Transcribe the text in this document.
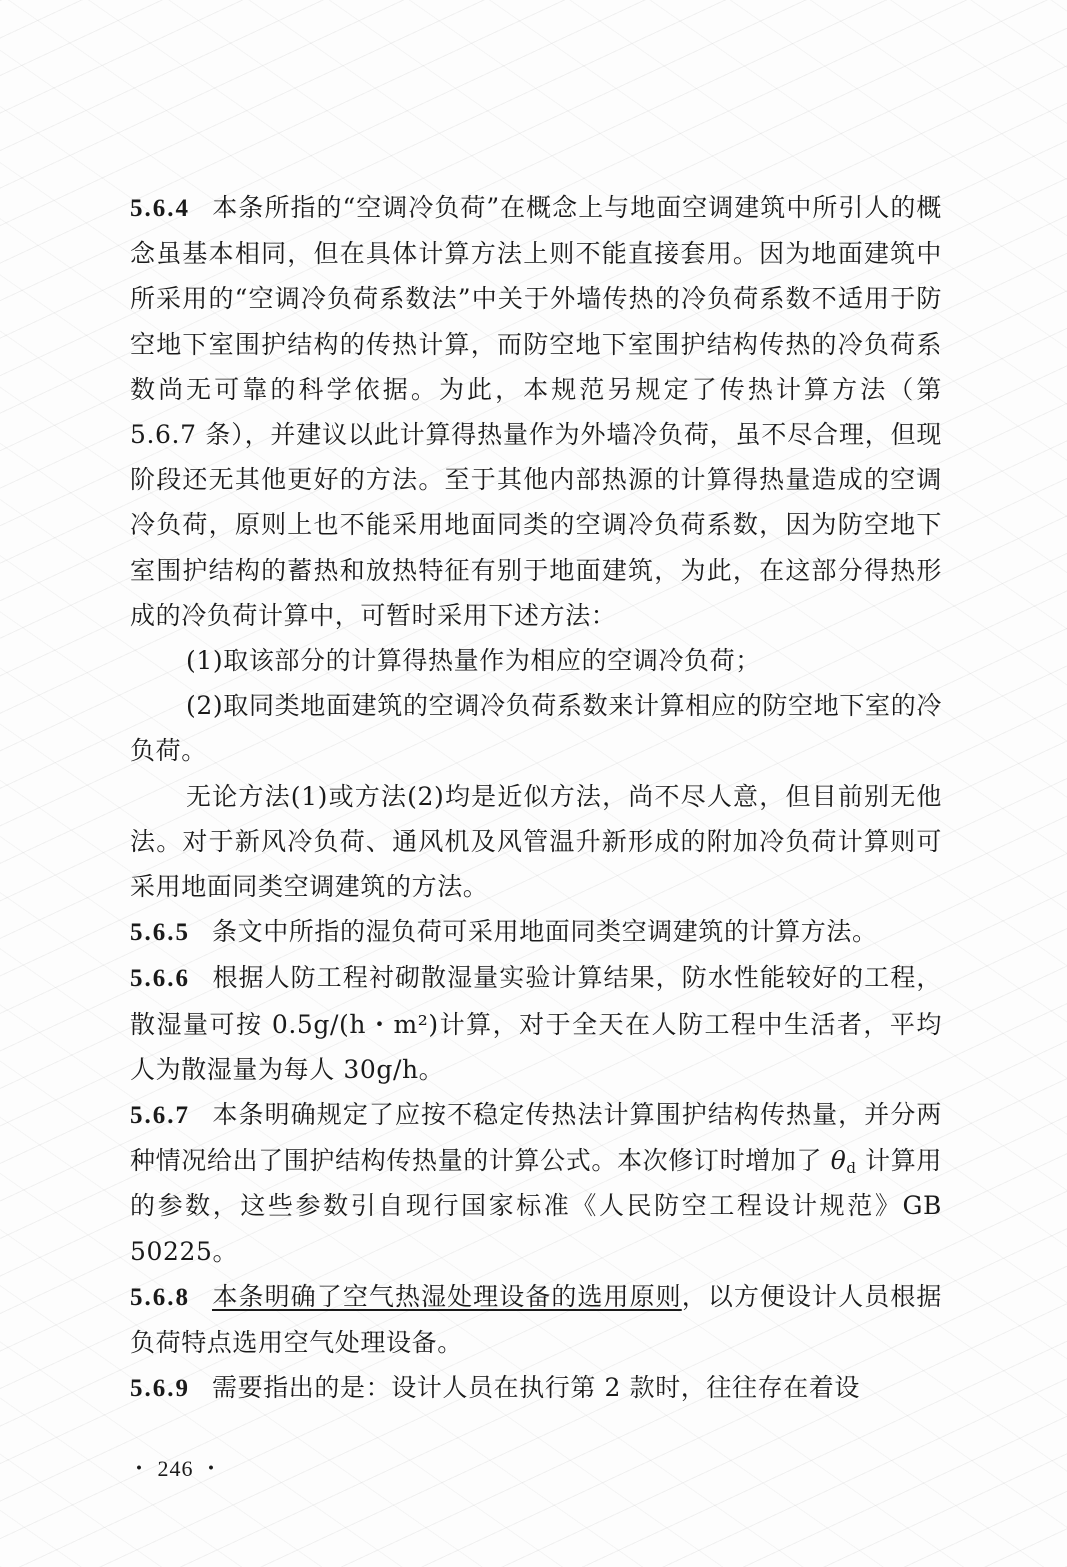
5.6.4 本条所指的“空调冷负荷”在概念上与地面空调建筑中所引人的概念虽基本相同，但在具体计算方法上则不能直接套用。因为地面建筑中所采用的“空调冷负荷系数法”中关于外墙传热的冷负荷系数不适用于防空地下室围护结构的传热计算，而防空地下室围护结构传热的冷负荷系数尚无可靠的科学依据。为此，本规范另规定了传热计算方法（第 5.6.7 条），并建议以此计算得热量作为外墙冷负荷，虽不尽合理，但现阶段还无其他更好的方法。至于其他内部热源的计算得热量造成的空调冷负荷，原则上也不能采用地面同类的空调冷负荷系数，因为防空地下室围护结构的蓄热和放热特征有别于地面建筑，为此，在这部分得热形成的冷负荷计算中，可暂时采用下述方法：

(1)取该部分的计算得热量作为相应的空调冷负荷；

(2)取同类地面建筑的空调冷负荷系数来计算相应的防空地下室的冷负荷。

无论方法(1)或方法(2)均是近似方法，尚不尽人意，但目前别无他法。对于新风冷负荷、通风机及风管温升新形成的附加冷负荷计算则可采用地面同类空调建筑的方法。

5.6.5 条文中所指的湿负荷可采用地面同类空调建筑的计算方法。

5.6.6 根据人防工程衬砌散湿量实验计算结果，防水性能较好的工程，散湿量可按 0.5g/(h・m²)计算，对于全天在人防工程中生活者，平均人为散湿量为每人 30g/h。

5.6.7 本条明确规定了应按不稳定传热法计算围护结构传热量，并分两种情况给出了围护结构传热量的计算公式。本次修订时增加了 $\theta_d$ 计算用的参数，这些参数引自现行国家标准《人民防空工程设计规范》GB 50225。

5.6.8 本条明确了空气热湿处理设备的选用原则，以方便设计人员根据负荷特点选用空气处理设备。

5.6.9 需要指出的是：设计人员在执行第 2 款时，往往存在着设

・ 246 ・
